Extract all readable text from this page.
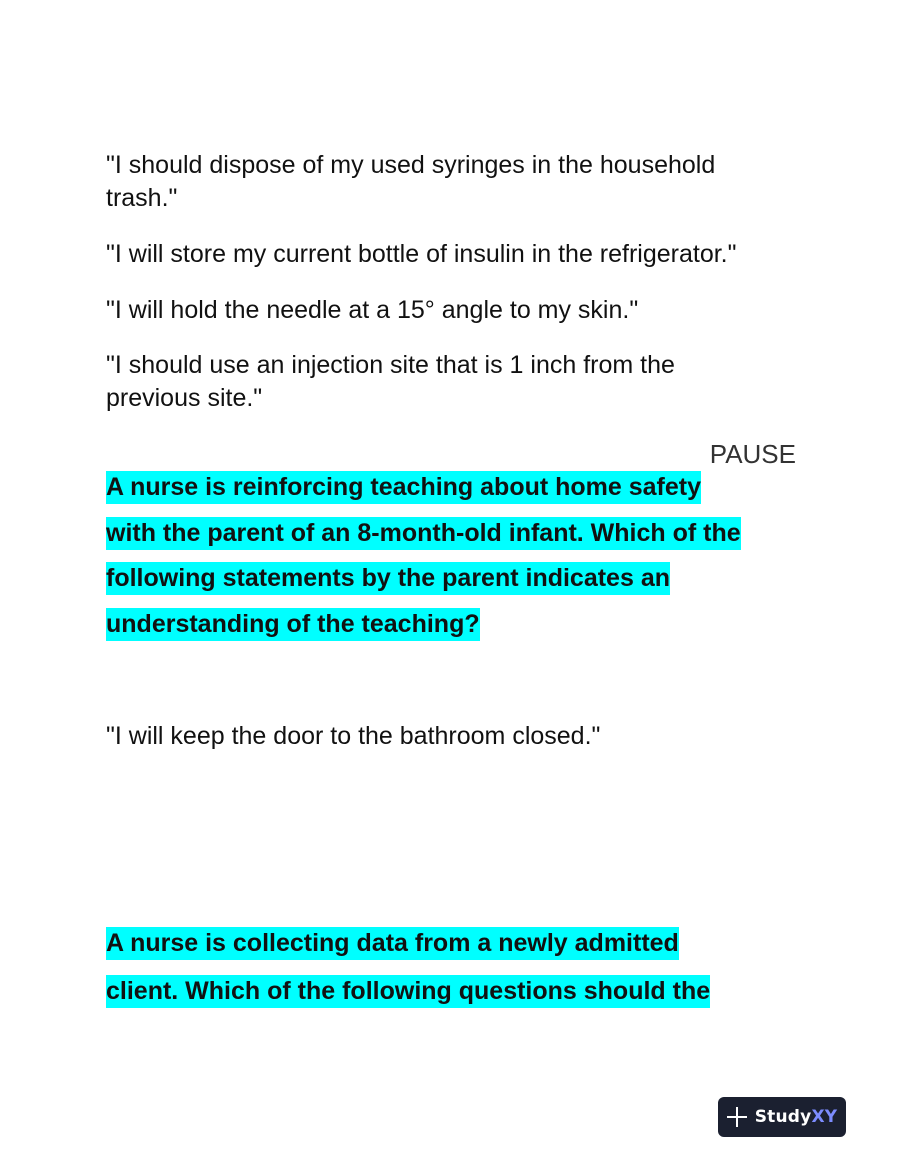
"I should dispose of my used syringes in the household
trash."

"I will store my current bottle of insulin in the refrigerator."

"I will hold the needle at a 15° angle to my skin."

"I should use an injection site that is 1 inch from the
previous site."

PAUSE

A nurse is reinforcing teaching about home safety
with the parent of an 8-month-old infant. Which of the
following statements by the parent indicates an
understanding of the teaching?

"I will keep the door to the bathroom closed."

A nurse is collecting data from a newly admitted
client. Which of the following questions should the
StudyXY
